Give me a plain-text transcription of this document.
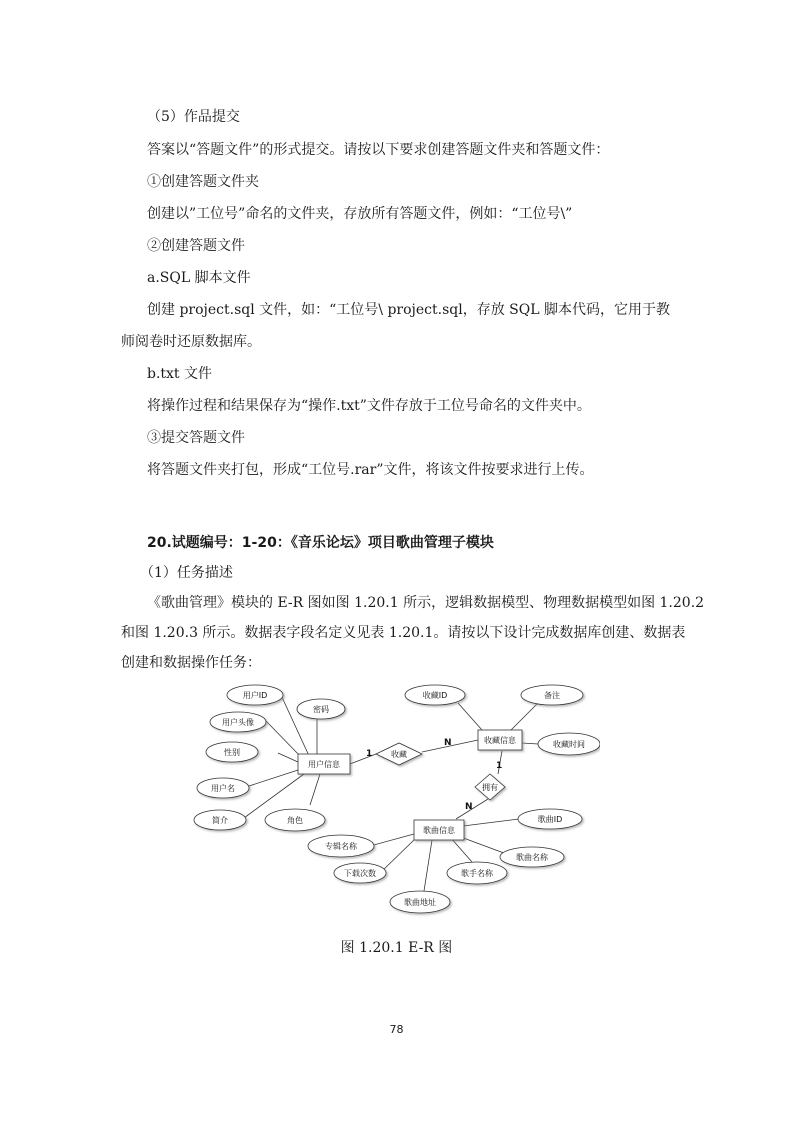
（5）作品提交
答案以“答题文件”的形式提交。请按以下要求创建答题文件夹和答题文件：
①创建答题文件夹
创建以”工位号”命名的文件夹，存放所有答题文件，例如：“工位号\”
②创建答题文件
a.SQL 脚本文件
创建 project.sql 文件，如：“工位号\ project.sql，存放 SQL 脚本代码，它用于教
师阅卷时还原数据库。
b.txt 文件
将操作过程和结果保存为“操作.txt”文件存放于工位号命名的文件夹中。
③提交答题文件
将答题文件夹打包，形成“工位号.rar”文件，将该文件按要求进行上传。
20.试题编号：1-20：《音乐论坛》项目歌曲管理子模块
（1）任务描述
《歌曲管理》模块的 E-R 图如图 1.20.1 所示，逻辑数据模型、物理数据模型如图 1.20.2
和图 1.20.3 所示。数据表字段名定义见表 1.20.1。请按以下设计完成数据库创建、数据表
创建和数据操作任务：
用户ID
密码
用户头像
性别
用户名
简介	角色
用户信息
收藏
拥有
收藏ID	备注
收藏时间
收藏信息
专辑名称
歌曲ID
歌曲名称
下载次数	歌手名称
歌曲地址
歌曲信息
1
N
1
N
图 1.20.1 E-R 图
78
